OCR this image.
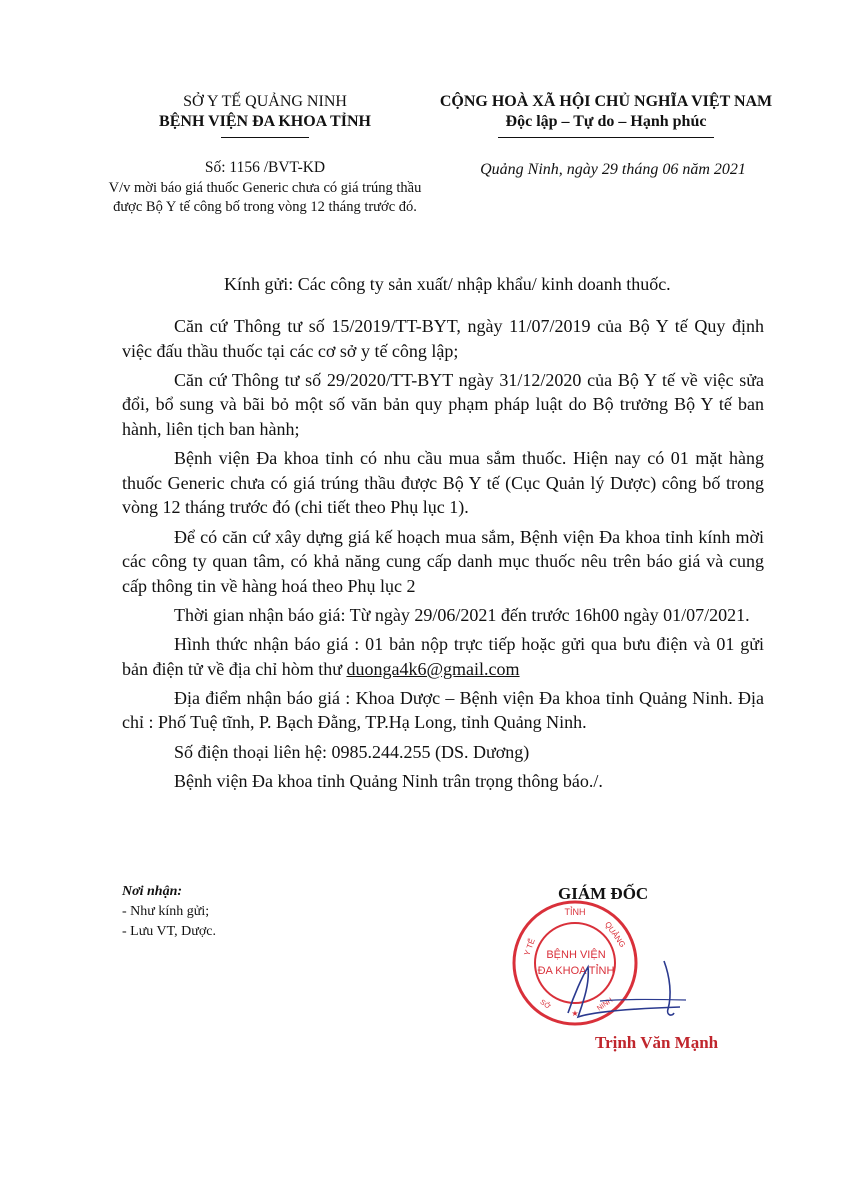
SỞ Y TẾ QUẢNG NINH
BỆNH VIỆN ĐA KHOA TỈNH
Số: 1156 /BVT-KD
V/v mời báo giá thuốc Generic chưa có giá trúng thầu được Bộ Y tế công bố trong vòng 12 tháng trước đó.
CỘNG HOÀ XÃ HỘI CHỦ NGHĨA VIỆT NAM
Độc lập – Tự do – Hạnh phúc
Quảng Ninh, ngày 29 tháng 06 năm 2021
Kính gửi: Các công ty sản xuất/ nhập khẩu/ kinh doanh thuốc.

Căn cứ Thông tư số 15/2019/TT-BYT, ngày 11/07/2019 của Bộ Y tế Quy định việc đấu thầu thuốc tại các cơ sở y tế công lập;

Căn cứ Thông tư số 29/2020/TT-BYT ngày 31/12/2020 của Bộ Y tế về việc sửa đổi, bổ sung và bãi bỏ một số văn bản quy phạm pháp luật do Bộ trưởng Bộ Y tế ban hành, liên tịch ban hành;

Bệnh viện Đa khoa tỉnh có nhu cầu mua sắm thuốc. Hiện nay có 01 mặt hàng thuốc Generic chưa có giá trúng thầu được Bộ Y tế (Cục Quản lý Dược) công bố trong vòng 12 tháng trước đó (chi tiết theo Phụ lục 1).

Để có căn cứ xây dựng giá kế hoạch mua sắm, Bệnh viện Đa khoa tỉnh kính mời các công ty quan tâm, có khả năng cung cấp danh mục thuốc nêu trên báo giá và cung cấp thông tin về hàng hoá theo Phụ lục 2

Thời gian nhận báo giá: Từ ngày 29/06/2021 đến trước 16h00 ngày 01/07/2021.

Hình thức nhận báo giá : 01 bản nộp trực tiếp hoặc gửi qua bưu điện và 01 gửi bản điện tử về địa chỉ hòm thư duonga4k6@gmail.com

Địa điểm nhận báo giá : Khoa Dược – Bệnh viện Đa khoa tỉnh Quảng Ninh. Địa chỉ : Phố Tuệ tĩnh, P. Bạch Đằng, TP.Hạ Long, tỉnh Quảng Ninh.

Số điện thoại liên hệ: 0985.244.255 (DS. Dương)

Bệnh viện Đa khoa tỉnh Quảng Ninh trân trọng thông báo./.

Nơi nhận:
- Như kính gửi;
- Lưu VT, Dược.
GIÁM ĐỐC
TỈNH
QUẢNG
Y TẾ BỆNH VIỆN
ĐA KHOA TỈNH
SỞ
★
NINH
Trịnh Văn Mạnh
